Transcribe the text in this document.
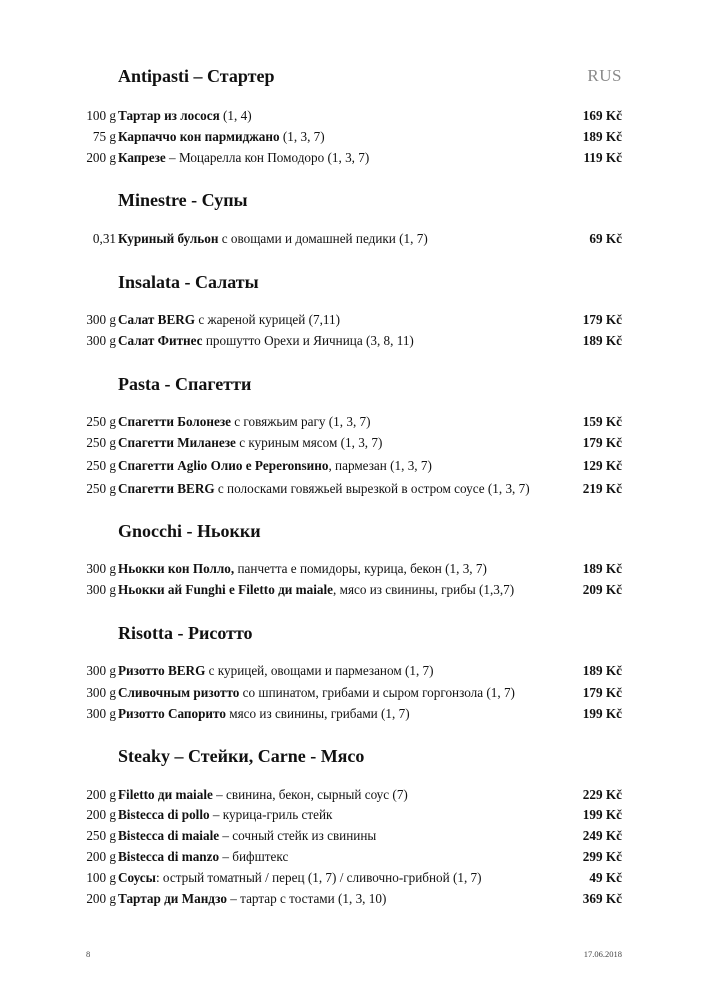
RUS
Antipasti – Стартер
100 g Тартар из лосося (1, 4)	169 Kč
75 g Карпаччо кон пармиджано (1, 3, 7)	189 Kč
200 g Капрезе – Моцарелла кон Помодоро (1, 3, 7)	119 Kč
Minestre - Супы
0,31 Куриный бульон с овощами и домашней педики (1, 7)	69 Kč
Insalata - Салаты
300 g Салат BERG с жареной курицей (7,11)	179 Kč
300 g Салат Фитнес прошутто Орехи и Яичница (3, 8, 11)	189 Kč
Pasta - Спагетти
250 g Спагетти Болонезе с говяжьим рагу (1, 3, 7)	159 Kč
250 g Спагетти Миланезе с куриным мясом (1, 3, 7)	179 Kč
250 g Спагетти Aglio Олио е Peperonsино, пармезан (1, 3, 7)	129 Kč
250 g Спагетти BERG с полосками говяжьей вырезкой в остром соусе (1, 3, 7)	219 Kč
Gnocchi - Ньокки
300 g Ньокки кон Полло, панчетта е помидоры, курица, бекон (1, 3, 7)	189 Kč
300 g Ньокки ай Funghi e Filetto ди maiale, мясо из свинины, грибы (1,3,7)	209 Kč
Risotta - Рисотто
300 g Ризотто BERG с курицей, овощами и пармезаном (1, 7)	189 Kč
300 g Сливочным ризотто со шпинатом, грибами и сыром горгонзола (1, 7)	179 Kč
300 g Ризотто Сапорито мясо из свинины, грибами (1, 7)	199 Kč
Steaky – Стейки, Carne - Мясо
200 g Filetto ди maiale – свинина, бекон, сырный соус (7)	229 Kč
200 g Bistecca di pollo – курица-гриль стейк	199 Kč
250 g Bistecca di maiale – сочный стейк из свинины	249 Kč
200 g Bistecca di manzo – бифштекс	299 Kč
100 g Соусы: острый томатный / перец (1, 7) / сливочно-грибной (1, 7)	49 Kč
200 g Тартар ди Мандзо – тартар с тостами (1, 3, 10)	369 Kč
8	17.06.2018
